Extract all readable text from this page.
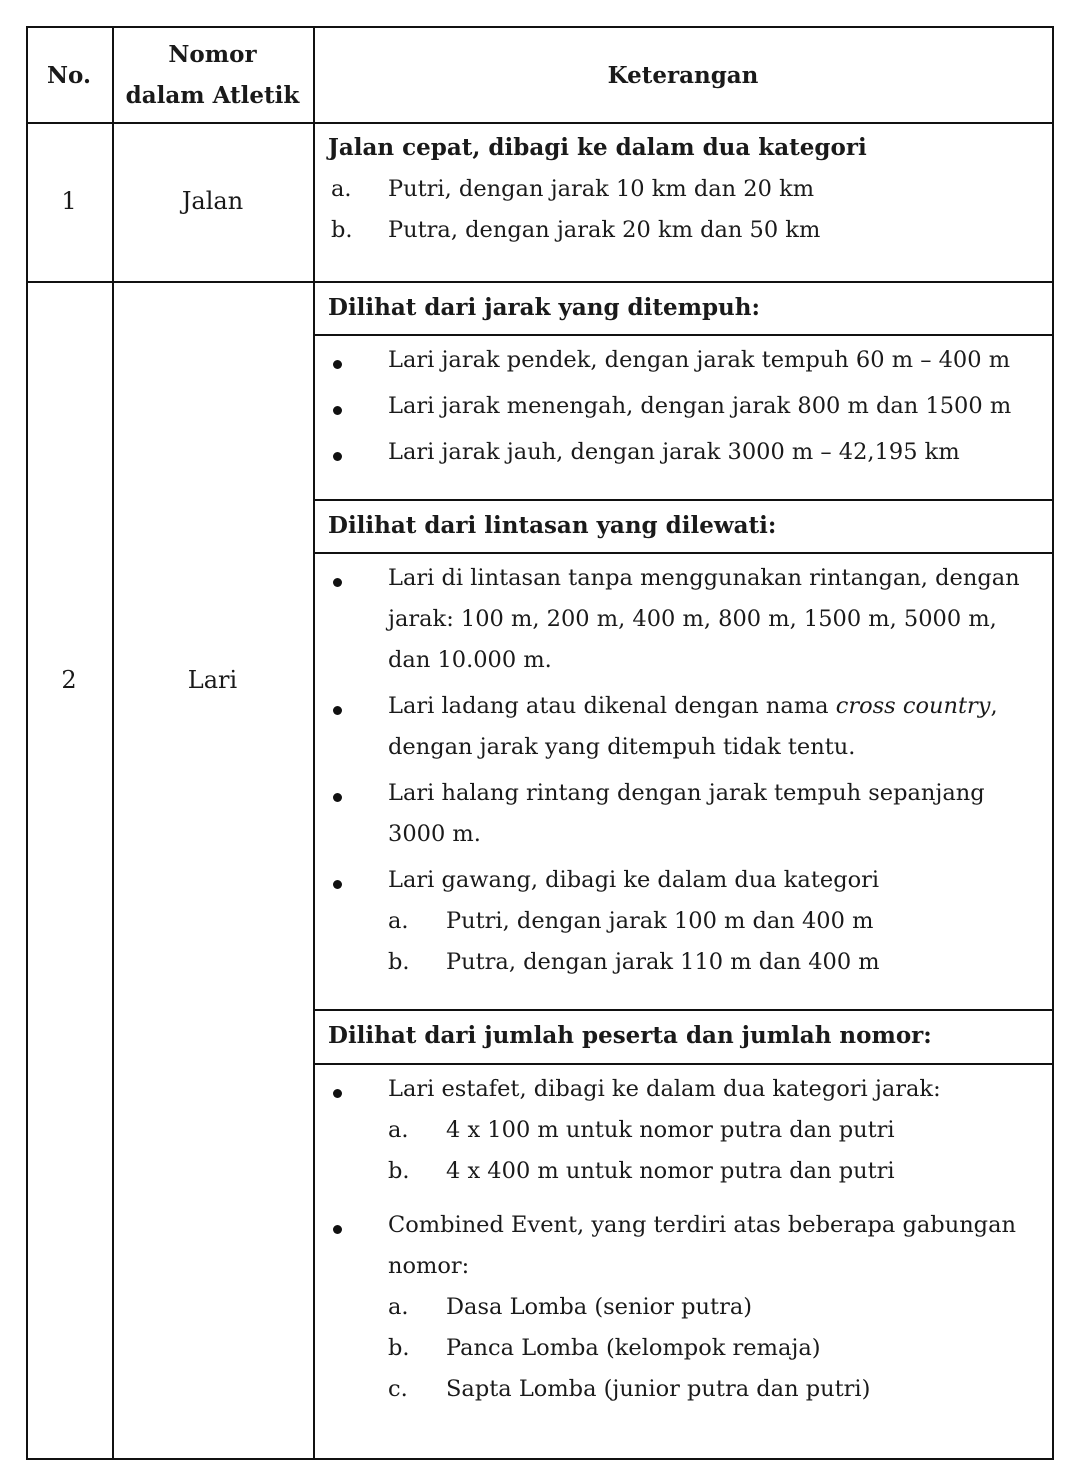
No.
Nomor
dalam Atletik
Keterangan
1	Jalan
Jalan cepat, dibagi ke dalam dua kategori
a. Putri, dengan jarak 10 km dan 20 km
b. Putra, dengan jarak 20 km dan 50 km
2	Lari
Dilihat dari jarak yang ditempuh:
Lari jarak pendek, dengan jarak tempuh 60 m – 400 m
Lari jarak menengah, dengan jarak 800 m dan 1500 m
Lari jarak jauh, dengan jarak 3000 m – 42,195 km
Dilihat dari lintasan yang dilewati:
Lari di lintasan tanpa menggunakan rintangan, dengan
jarak: 100 m, 200 m, 400 m, 800 m, 1500 m, 5000 m,
dan 10.000 m.
Lari ladang atau dikenal dengan nama cross country,
dengan jarak yang ditempuh tidak tentu.
Lari halang rintang dengan jarak tempuh sepanjang
3000 m.
Lari gawang, dibagi ke dalam dua kategori
a. Putri, dengan jarak 100 m dan 400 m
b. Putra, dengan jarak 110 m dan 400 m
Dilihat dari jumlah peserta dan jumlah nomor:
Lari estafet, dibagi ke dalam dua kategori jarak:
a. 4 x 100 m untuk nomor putra dan putri
b. 4 x 400 m untuk nomor putra dan putri
Combined Event, yang terdiri atas beberapa gabungan
nomor:
a. Dasa Lomba (senior putra)
b. Panca Lomba (kelompok remaja)
c. Sapta Lomba (junior putra dan putri)
